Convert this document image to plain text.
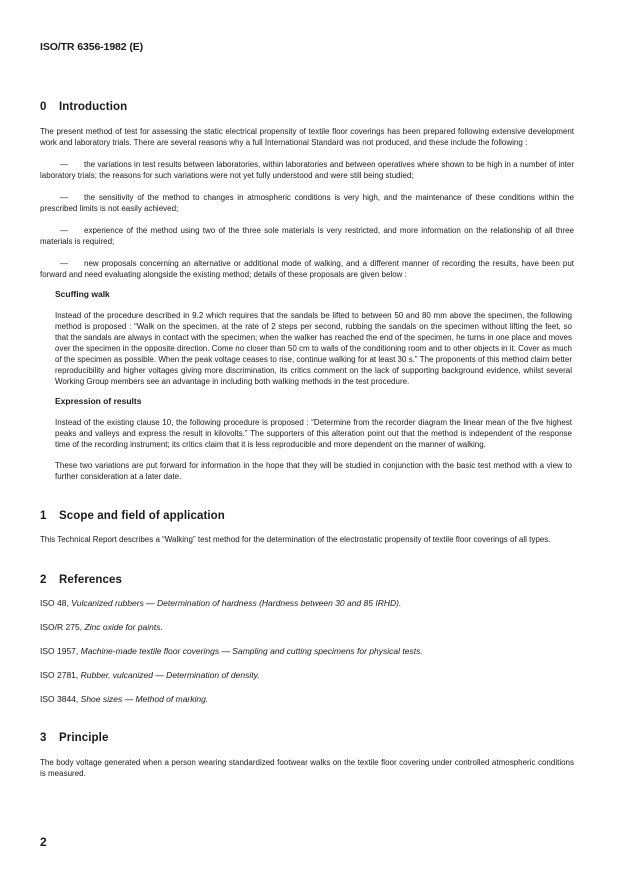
ISO/TR 6356-1982 (E)
0 Introduction

The present method of test for assessing the static electrical propensity of textile floor coverings has been prepared following extensive development work and laboratory trials. There are several reasons why a full International Standard was not produced, and these include the following :

— the variations in test results between laboratories, within laboratories and between operatives where shown to be high in a number of inter laboratory trials; the reasons for such variations were not yet fully understood and were still being studied;

— the sensitivity of the method to changes in atmospheric conditions is very high, and the maintenance of these conditions within the prescribed limits is not easily achieved;

— experience of the method using two of the three sole materials is very restricted, and more information on the relationship of all three materials is required;

— new proposals concerning an alternative or additional mode of walking, and a different manner of recording the results, have been put forward and need evaluating alongside the existing method; details of these proposals are given below :

Scuffing walk

Instead of the procedure described in 9.2 which requires that the sandals be lifted to between 50 and 80 mm above the specimen, the following method is proposed : “Walk on the specimen, at the rate of 2 steps per second, rubbing the sandals on the specimen without lifting the feet, so that the sandals are always in contact with the specimen; when the walker has reached the end of the specimen, he turns in one place and moves over the specimen in the opposite direction. Come no closer than 50 cm to walls of the conditioning room and to other objects in it. Cover as much of the specimen as possible. When the peak voltage ceases to rise, continue walking for at least 30 s.” The proponents of this method claim better reproducibility and higher voltages giving more discrimination, its critics comment on the lack of supporting background evidence, whilst several Working Group members see an advantage in including both walking methods in the test procedure.

Expression of results

Instead of the existing clause 10, the following procedure is proposed : “Determine from the recorder diagram the linear mean of the five highest peaks and valleys and express the result in kilovolts.” The supporters of this alteration point out that the method is independent of the response time of the recording instrument; its critics claim that it is less reproducible and more dependent on the manner of walking.

These two variations are put forward for information in the hope that they will be studied in conjunction with the basic test method with a view to further consideration at a later date.

1 Scope and field of application

This Technical Report describes a “Walking” test method for the determination of the electrostatic propensity of textile floor coverings of all types.

2 References

ISO 48, Vulcanized rubbers — Determination of hardness (Hardness between 30 and 85 IRHD).

ISO/R 275, Zinc oxide for paints.

ISO 1957, Machine-made textile floor coverings — Sampling and cutting specimens for physical tests.

ISO 2781, Rubber, vulcanized — Determination of density.

ISO 3844, Shoe sizes — Method of marking.

3 Principle

The body voltage generated when a person wearing standardized footwear walks on the textile floor covering under controlled atmospheric conditions is measured.

2
